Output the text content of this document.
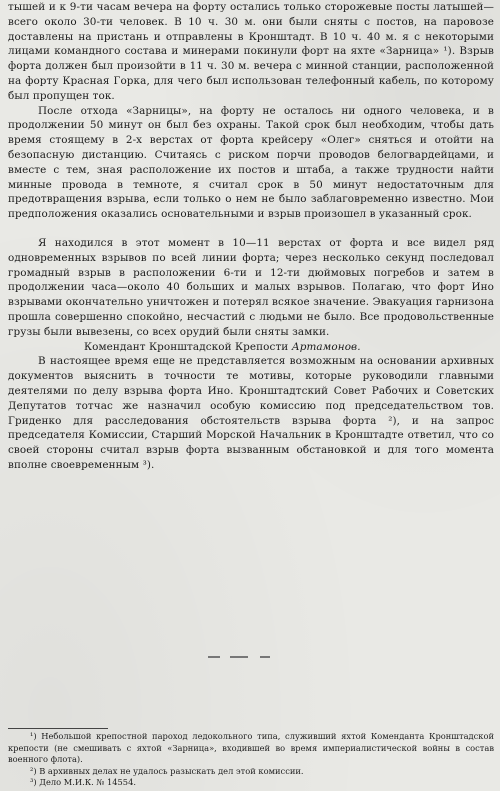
тышей и к 9-ти часам вечера на форту остались только сторожевые посты латышей—всего около 30-ти человек. В 10 ч. 30 м. они были сняты с постов, на паровозе доставлены на пристань и отправлены в Кронштадт. В 10 ч. 40 м. я с некоторыми лицами командного состава и минерами покинули форт на яхте «Зарница» ¹). Взрыв форта должен был произойти в 11 ч. 30 м. вечера с минной станции, расположенной на форту Красная Горка, для чего был использован телефонный кабель, по которому был пропущен ток.

После отхода «Зарницы», на форту не осталось ни одного человека, и в продолжении 50 минут он был без охраны. Такой срок был необходим, чтобы дать время стоящему в 2-х верстах от форта крейсеру «Олег» сняться и отойти на безопасную дистанцию. Считаясь с риском порчи проводов белогвардейцами, и вместе с тем, зная расположение их постов и штаба, а также трудности найти минные провода в темноте, я считал срок в 50 минут недостаточным для предотвращения взрыва, если только о нем не было заблаговременно известно. Мои предположения оказались основательными и взрыв произошел в указанный срок.

Я находился в этот момент в 10—11 верстах от форта и все видел ряд одновременных взрывов по всей линии форта; через несколько секунд последовал громадный взрыв в расположении 6-ти и 12-ти дюймовых погребов и затем в продолжении часа—около 40 больших и малых взрывов. Полагаю, что форт Ино взрывами окончательно уничтожен и потерял всякое значение. Эвакуация гарнизона прошла совершенно спокойно, несчастий с людьми не было. Все продовольственные грузы были вывезены, со всех орудий были сняты замки.

Комендант Кронштадской Крепости Артамонов.

В настоящее время еще не представляется возможным на основании архивных документов выяснить в точности те мотивы, которые руководили главными деятелями по делу взрыва форта Ино. Кронштадтский Совет Рабочих и Советских Депутатов тотчас же назначил особую комиссию под председательством тов. Гриденко для расследования обстоятельств взрыва форта ²), и на запрос председателя Комиссии, Старший Морской Начальник в Кронштадте ответил, что со своей стороны считал взрыв форта вызванным обстановкой и для того момента вполне своевременным ³).

¹) Небольшой крепостной пароход ледокольного типа, служивший яхтой Коменданта Кронштадской крепости (не смешивать с яхтой «Зарница», входившей во время империалистической войны в состав военного флота).

²) В архивных делах не удалось разыскать дел этой комиссии.

³) Дело М.И.К. № 14554.
